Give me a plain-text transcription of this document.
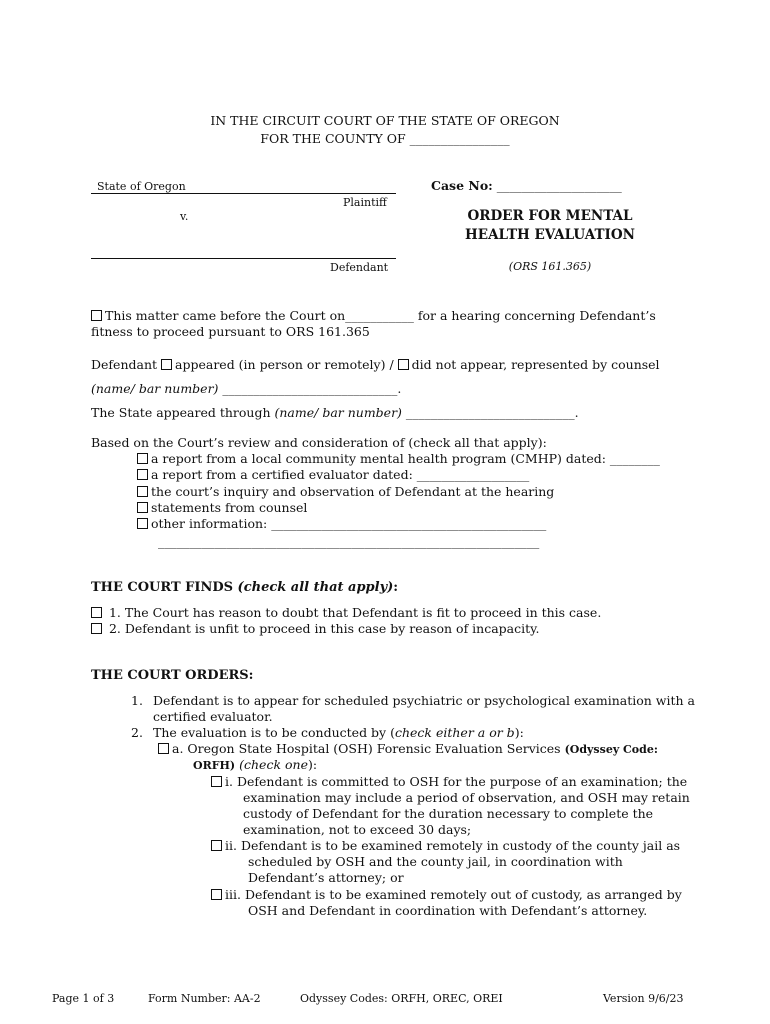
IN THE CIRCUIT COURT OF THE STATE OF OREGON
FOR THE COUNTY OF ________________
State of Oregon
Plaintiff
v.
Defendant
Case No: ____________________
ORDER FOR MENTAL
HEALTH EVALUATION
(ORS 161.365)
This matter came before the Court on___________ for a hearing concerning Defendant’s
fitness to proceed pursuant to ORS 161.365
Defendant appeared (in person or remotely) / did not appear, represented by counsel
(name/ bar number) ____________________________.
The State appeared through (name/ bar number) ___________________________.
Based on the Court’s review and consideration of (check all that apply):
a report from a local community mental health program (CMHP) dated: ________
a report from a certified evaluator dated: __________________
the court’s inquiry and observation of Defendant at the hearing
statements from counsel
other information: ____________________________________________
_____________________________________________________________
THE COURT FINDS (check all that apply):
1. The Court has reason to doubt that Defendant is fit to proceed in this case.
2. Defendant is unfit to proceed in this case by reason of incapacity.
THE COURT ORDERS:
1. Defendant is to appear for scheduled psychiatric or psychological examination with a
certified evaluator.
2. The evaluation is to be conducted by (check either a or b):
a. Oregon State Hospital (OSH) Forensic Evaluation Services (Odyssey Code:
ORFH) (check one):
i. Defendant is committed to OSH for the purpose of an examination; the
examination may include a period of observation, and OSH may retain
custody of Defendant for the duration necessary to complete the
examination, not to exceed 30 days;
ii. Defendant is to be examined remotely in custody of the county jail as
scheduled by OSH and the county jail, in coordination with
Defendant’s attorney; or
iii. Defendant is to be examined remotely out of custody, as arranged by
OSH and Defendant in coordination with Defendant’s attorney.
Page 1 of 3	Form Number: AA-2	Odyssey Codes: ORFH, OREC, OREI	Version 9/6/23
